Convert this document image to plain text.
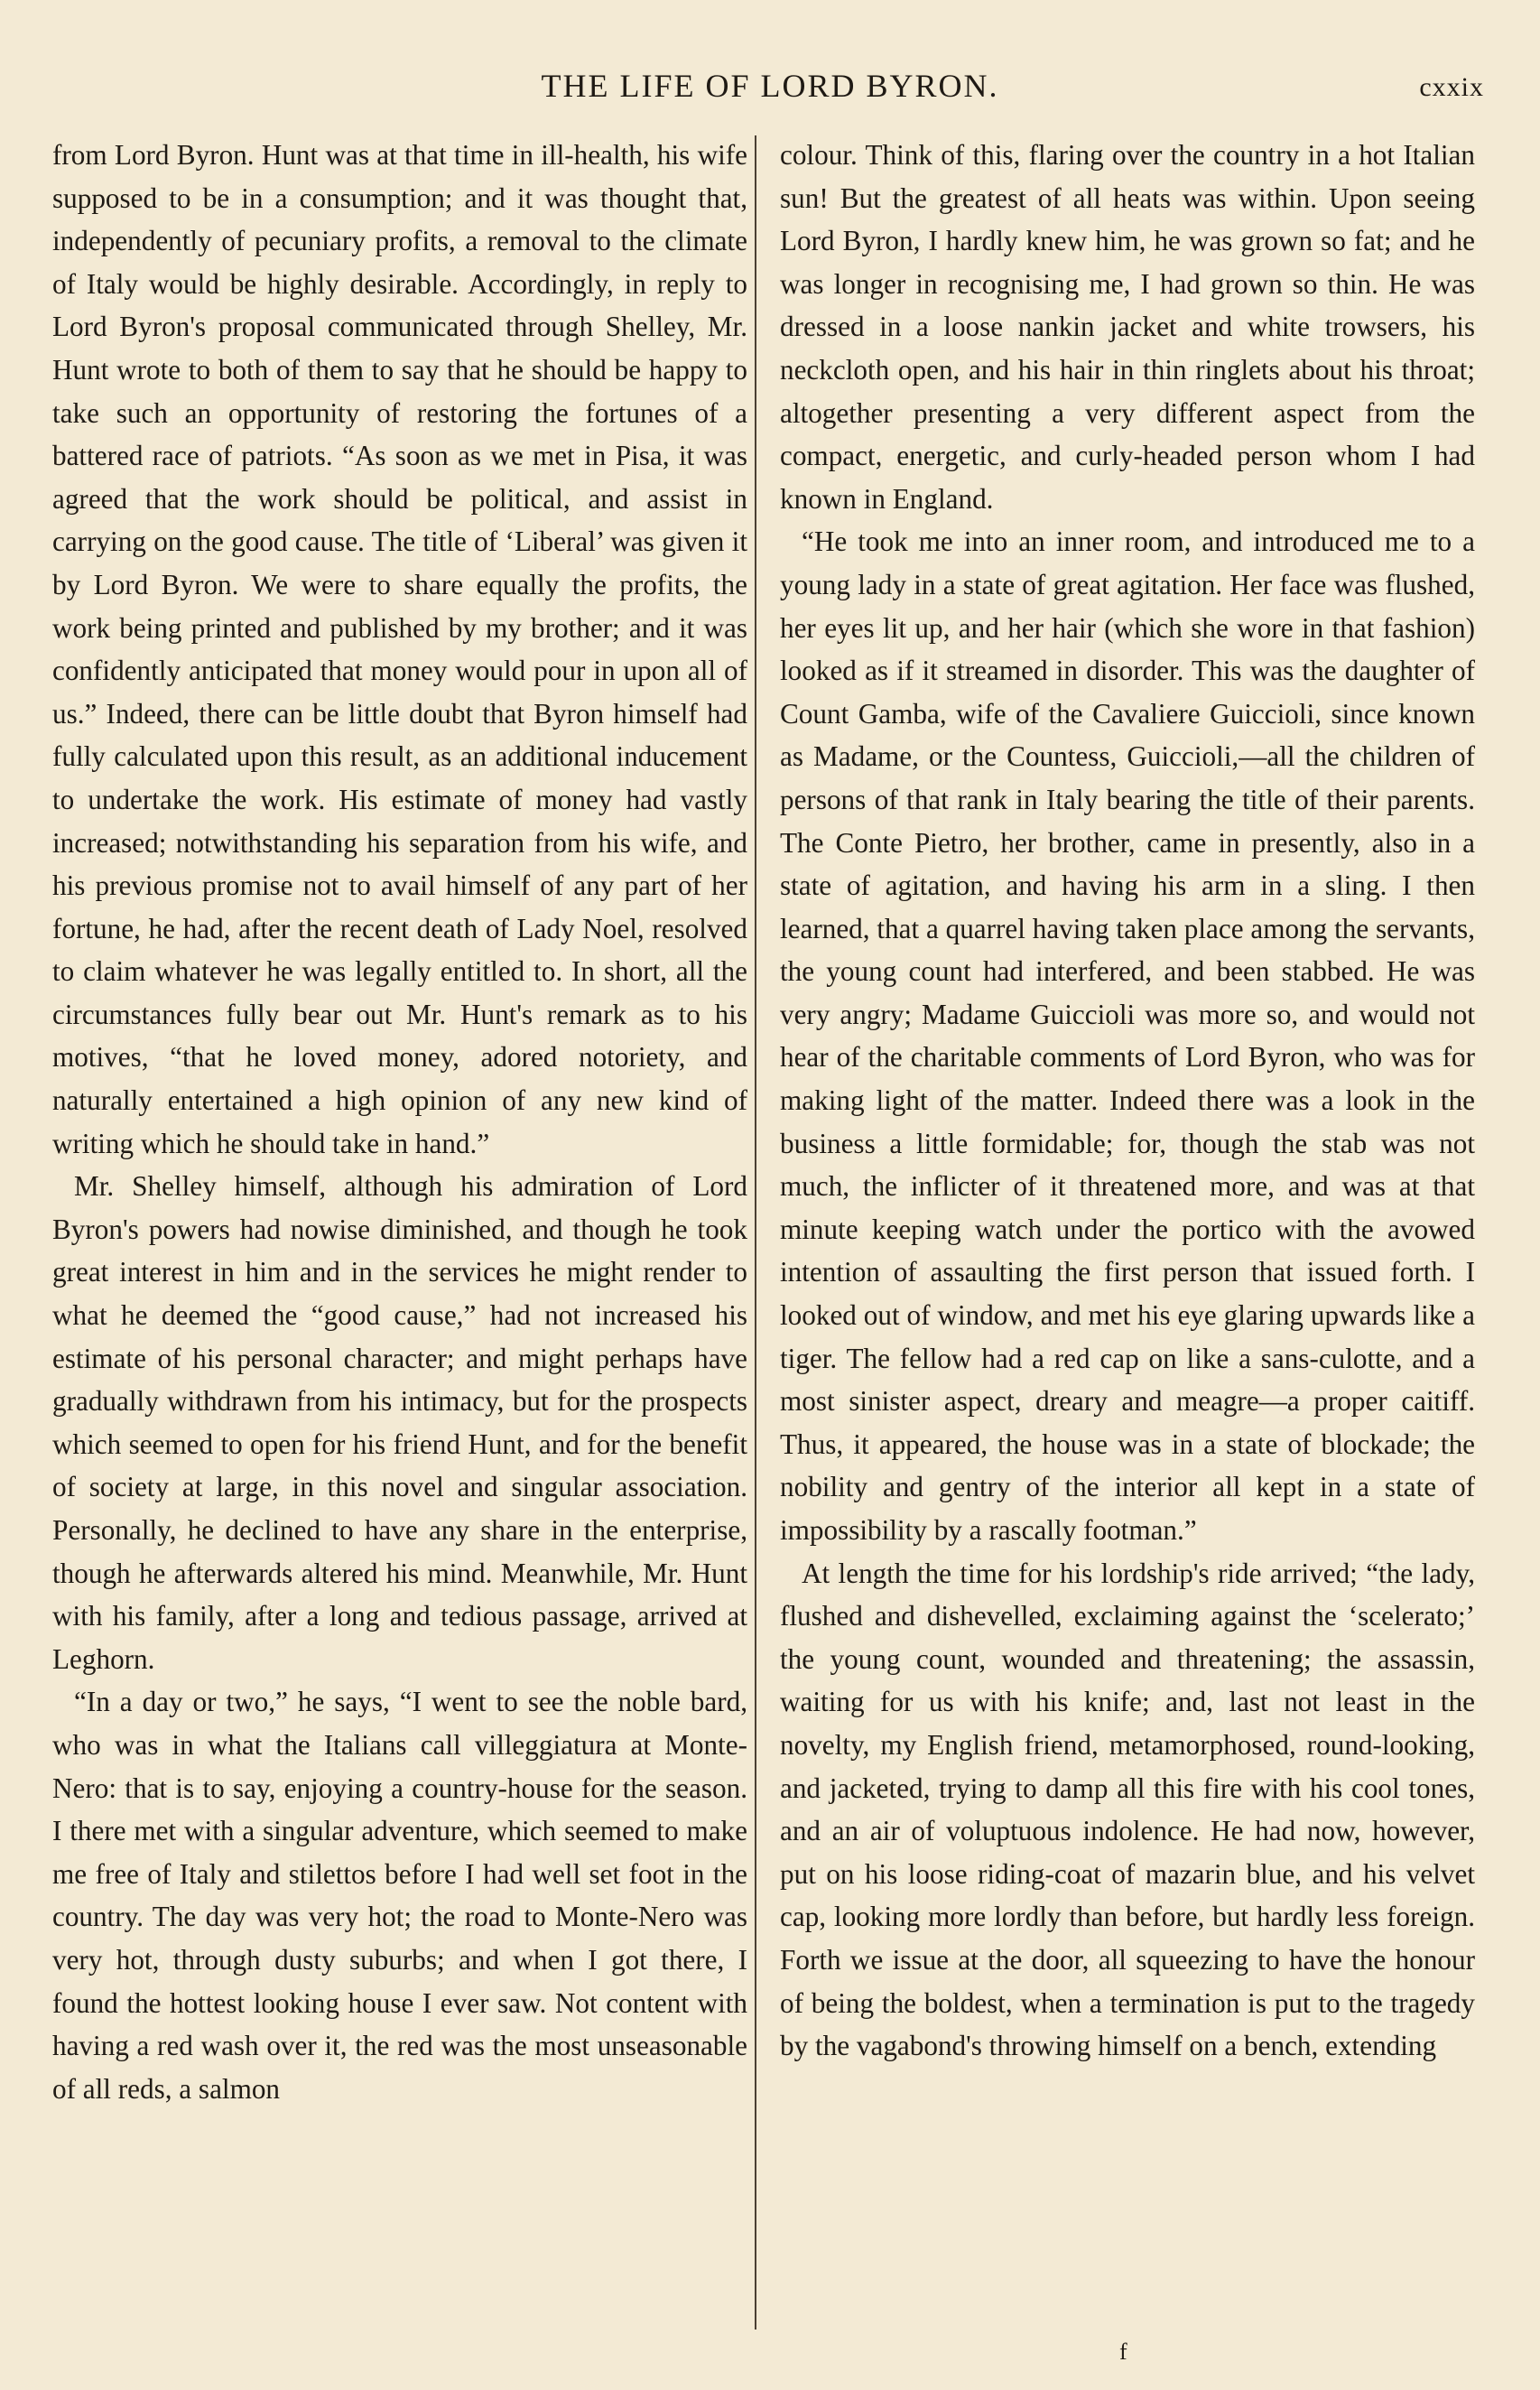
THE LIFE OF LORD BYRON.	cxxix

from Lord Byron. Hunt was at that time in ill-health, his wife supposed to be in a consumption; and it was thought that, independently of pecuniary profits, a removal to the climate of Italy would be highly desirable. Accordingly, in reply to Lord Byron's proposal communicated through Shelley, Mr. Hunt wrote to both of them to say that he should be happy to take such an opportunity of restoring the fortunes of a battered race of patriots. “As soon as we met in Pisa, it was agreed that the work should be political, and assist in carrying on the good cause. The title of ‘Liberal’ was given it by Lord Byron. We were to share equally the profits, the work being printed and published by my brother; and it was confidently anticipated that money would pour in upon all of us.” Indeed, there can be little doubt that Byron himself had fully calculated upon this result, as an additional inducement to undertake the work. His estimate of money had vastly increased; notwithstanding his separation from his wife, and his previous promise not to avail himself of any part of her fortune, he had, after the recent death of Lady Noel, resolved to claim whatever he was legally entitled to. In short, all the circumstances fully bear out Mr. Hunt's remark as to his motives, “that he loved money, adored notoriety, and naturally entertained a high opinion of any new kind of writing which he should take in hand.”

Mr. Shelley himself, although his admiration of Lord Byron's powers had nowise diminished, and though he took great interest in him and in the services he might render to what he deemed the “good cause,” had not increased his estimate of his personal character; and might perhaps have gradually withdrawn from his intimacy, but for the prospects which seemed to open for his friend Hunt, and for the benefit of society at large, in this novel and singular association. Personally, he declined to have any share in the enterprise, though he afterwards altered his mind. Meanwhile, Mr. Hunt with his family, after a long and tedious passage, arrived at Leghorn.

“In a day or two,” he says, “I went to see the noble bard, who was in what the Italians call villeggiatura at Monte-Nero: that is to say, enjoying a country-house for the season. I there met with a singular adventure, which seemed to make me free of Italy and stilettos before I had well set foot in the country. The day was very hot; the road to Monte-Nero was very hot, through dusty suburbs; and when I got there, I found the hottest looking house I ever saw. Not content with having a red wash over it, the red was the most unseasonable of all reds, a salmon

colour. Think of this, flaring over the country in a hot Italian sun! But the greatest of all heats was within. Upon seeing Lord Byron, I hardly knew him, he was grown so fat; and he was longer in recognising me, I had grown so thin. He was dressed in a loose nankin jacket and white trowsers, his neckcloth open, and his hair in thin ringlets about his throat; altogether presenting a very different aspect from the compact, energetic, and curly-headed person whom I had known in England.

“He took me into an inner room, and introduced me to a young lady in a state of great agitation. Her face was flushed, her eyes lit up, and her hair (which she wore in that fashion) looked as if it streamed in disorder. This was the daughter of Count Gamba, wife of the Cavaliere Guiccioli, since known as Madame, or the Countess, Guiccioli,—all the children of persons of that rank in Italy bearing the title of their parents. The Conte Pietro, her brother, came in presently, also in a state of agitation, and having his arm in a sling. I then learned, that a quarrel having taken place among the servants, the young count had interfered, and been stabbed. He was very angry; Madame Guiccioli was more so, and would not hear of the charitable comments of Lord Byron, who was for making light of the matter. Indeed there was a look in the business a little formidable; for, though the stab was not much, the inflicter of it threatened more, and was at that minute keeping watch under the portico with the avowed intention of assaulting the first person that issued forth. I looked out of window, and met his eye glaring upwards like a tiger. The fellow had a red cap on like a sans-culotte, and a most sinister aspect, dreary and meagre—a proper caitiff. Thus, it appeared, the house was in a state of blockade; the nobility and gentry of the interior all kept in a state of impossibility by a rascally footman.”

At length the time for his lordship's ride arrived; “the lady, flushed and dishevelled, exclaiming against the ‘scelerato;’ the young count, wounded and threatening; the assassin, waiting for us with his knife; and, last not least in the novelty, my English friend, metamorphosed, round-looking, and jacketed, trying to damp all this fire with his cool tones, and an air of voluptuous indolence. He had now, however, put on his loose riding-coat of mazarin blue, and his velvet cap, looking more lordly than before, but hardly less foreign. Forth we issue at the door, all squeezing to have the honour of being the boldest, when a termination is put to the tragedy by the vagabond's throwing himself on a bench, extending

f
